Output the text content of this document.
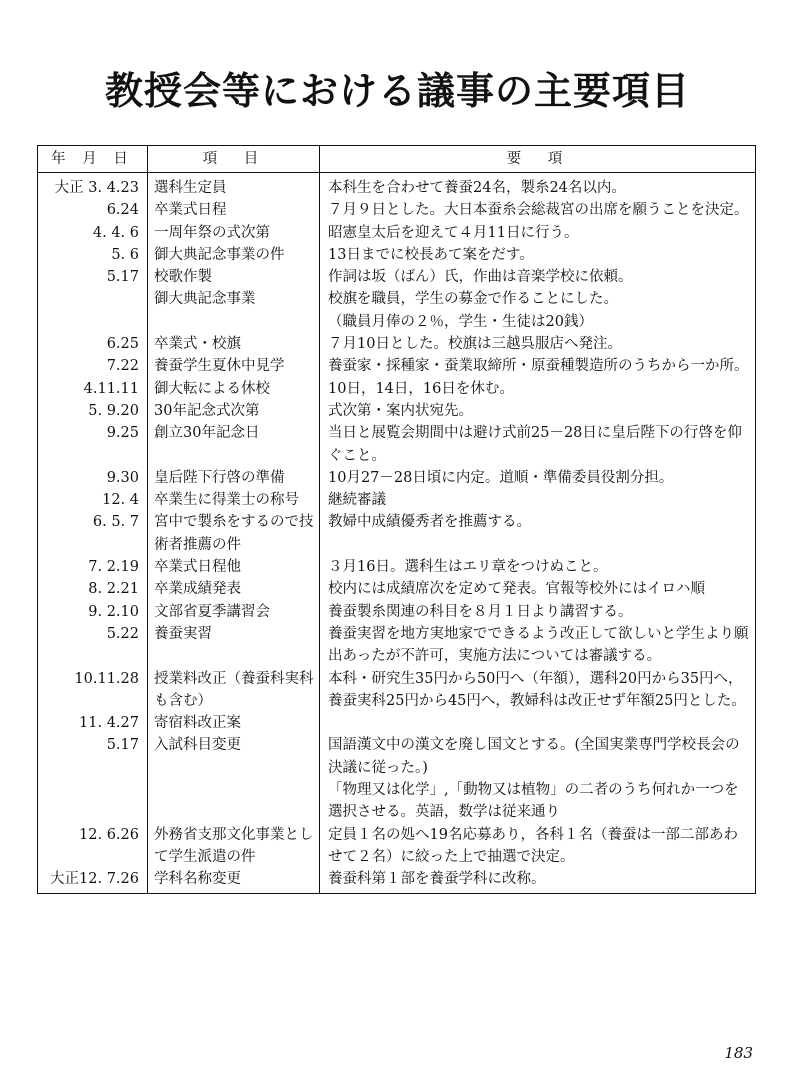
教授会等における議事の主要項目
年 月 日	項　目	要　項
大正 3. 4.23	選科生定員	本科生を合わせて養蚕24名，製糸24名以内。
6.24	卒業式日程	７月９日とした。大日本蚕糸会総裁宮の出席を願うことを決定。
4. 4. 6	一周年祭の式次第	昭憲皇太后を迎えて４月11日に行う。
5. 6	御大典記念事業の件	13日までに校長あて案をだす。
5.17	校歌作製	作詞は坂（ばん）氏，作曲は音楽学校に依頼。
	御大典記念事業	校旗を職員，学生の募金で作ることにした。
		（職員月俸の２％，学生・生徒は20銭）
6.25	卒業式・校旗	７月10日とした。校旗は三越呉服店へ発注。
7.22	養蚕学生夏休中見学	養蚕家・採種家・蚕業取締所・原蚕種製造所のうちから一か所。
4.11.11	御大転による休校	10日，14日，16日を休む。
5. 9.20	30年記念式次第	式次第・案内状宛先。
9.25	創立30年記念日	当日と展覧会期間中は避け式前25－28日に皇后陛下の行啓を仰ぐこと。
9.30	皇后陛下行啓の準備	10月27－28日頃に内定。道順・準備委員役割分担。
12. 4	卒業生に得業士の称号	継続審議
6. 5. 7	宮中で製糸をするので技術者推薦の件	教婦中成績優秀者を推薦する。
7. 2.19	卒業式日程他	３月16日。選科生はエリ章をつけぬこと。
8. 2.21	卒業成績発表	校内には成績席次を定めて発表。官報等校外にはイロハ順
9. 2.10	文部省夏季講習会	養蚕製糸関連の科目を８月１日より講習する。
5.22	養蚕実習	養蚕実習を地方実地家でできるよう改正して欲しいと学生より願出あったが不許可，実施方法については審議する。
10.11.28	授業料改正（養蚕科実科も含む）	本科・研究生35円から50円へ（年額），選科20円から35円へ，養蚕実科25円から45円へ，教婦科は改正せず年額25円とした。
11. 4.27	寄宿料改正案	
5.17	入試科目変更	国語漢文中の漢文を廃し国文とする。(全国実業専門学校長会の決議に従った。)
		「物理又は化学」,「動物又は植物」の二者のうち何れか一つを選択させる。英語，数学は従来通り
12. 6.26	外務省支那文化事業として学生派遣の件	定員１名の処へ19名応募あり，各科１名（養蚕は一部二部あわせて２名）に絞った上で抽選で決定。
大正12. 7.26	学科名称変更	養蚕科第１部を養蚕学科に改称。
183
